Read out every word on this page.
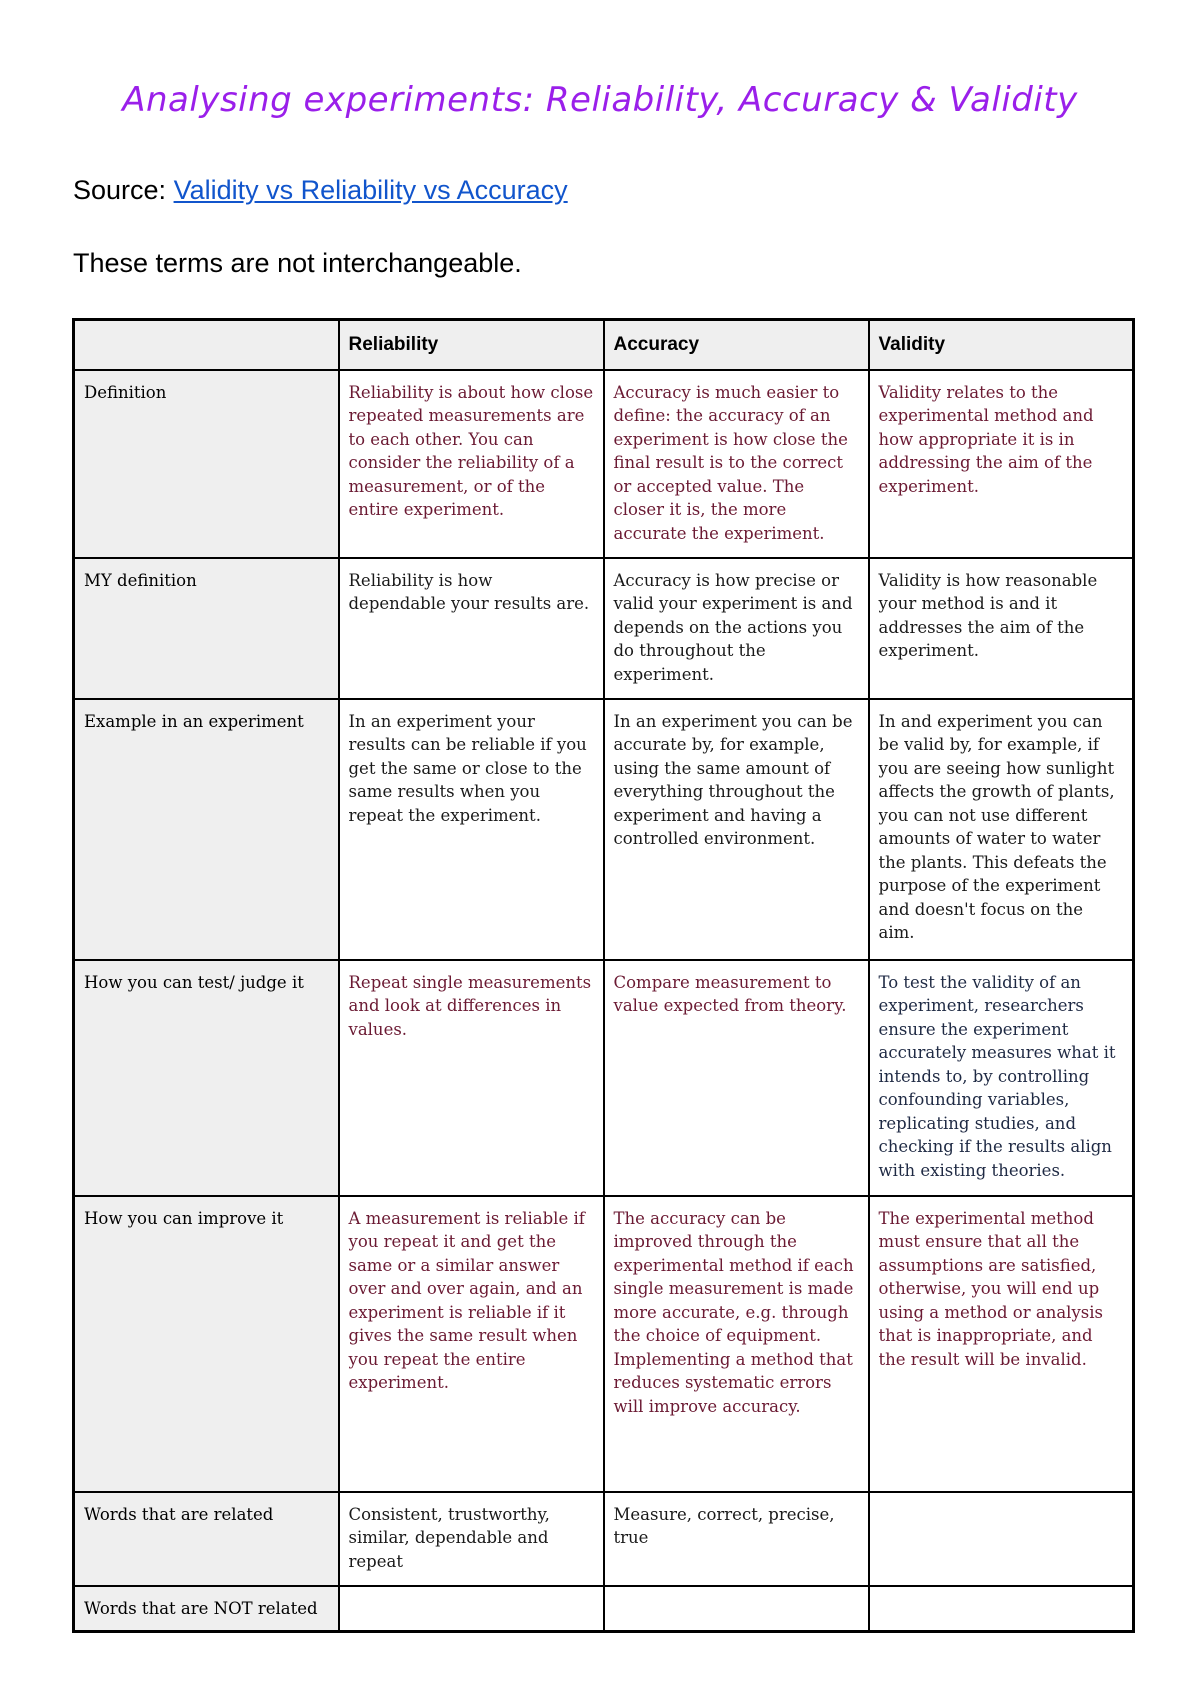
Analysing experiments: Reliability, Accuracy & Validity
Source: Validity vs Reliability vs Accuracy
These terms are not interchangeable.
	Reliability	Accuracy	Validity
Definition	Reliability is about how close repeated measurements are to each other. You can consider the reliability of a measurement, or of the entire experiment.	Accuracy is much easier to define: the accuracy of an experiment is how close the final result is to the correct or accepted value. The closer it is, the more accurate the experiment.	Validity relates to the experimental method and how appropriate it is in addressing the aim of the experiment.
MY definition	Reliability is how dependable your results are.	Accuracy is how precise or valid your experiment is and depends on the actions you do throughout the experiment.	Validity is how reasonable your method is and it addresses the aim of the experiment.
Example in an experiment	In an experiment your results can be reliable if you get the same or close to the same results when you repeat the experiment.	In an experiment you can be accurate by, for example, using the same amount of everything throughout the experiment and having a controlled environment.	In and experiment you can be valid by, for example, if you are seeing how sunlight affects the growth of plants, you can not use different amounts of water to water the plants. This defeats the purpose of the experiment and doesn't focus on the aim.
How you can test/ judge it	Repeat single measurements and look at differences in values.	Compare measurement to value expected from theory.	To test the validity of an experiment, researchers ensure the experiment accurately measures what it intends to, by controlling confounding variables, replicating studies, and checking if the results align with existing theories.
How you can improve it	A measurement is reliable if you repeat it and get the same or a similar answer over and over again, and an experiment is reliable if it gives the same result when you repeat the entire experiment.	The accuracy can be improved through the experimental method if each single measurement is made more accurate, e.g. through the choice of equipment. Implementing a method that reduces systematic errors will improve accuracy.	The experimental method must ensure that all the assumptions are satisfied, otherwise, you will end up using a method or analysis that is inappropriate, and the result will be invalid.
Words that are related	Consistent, trustworthy, similar, dependable and repeat	Measure, correct, precise, true	
Words that are NOT related			
